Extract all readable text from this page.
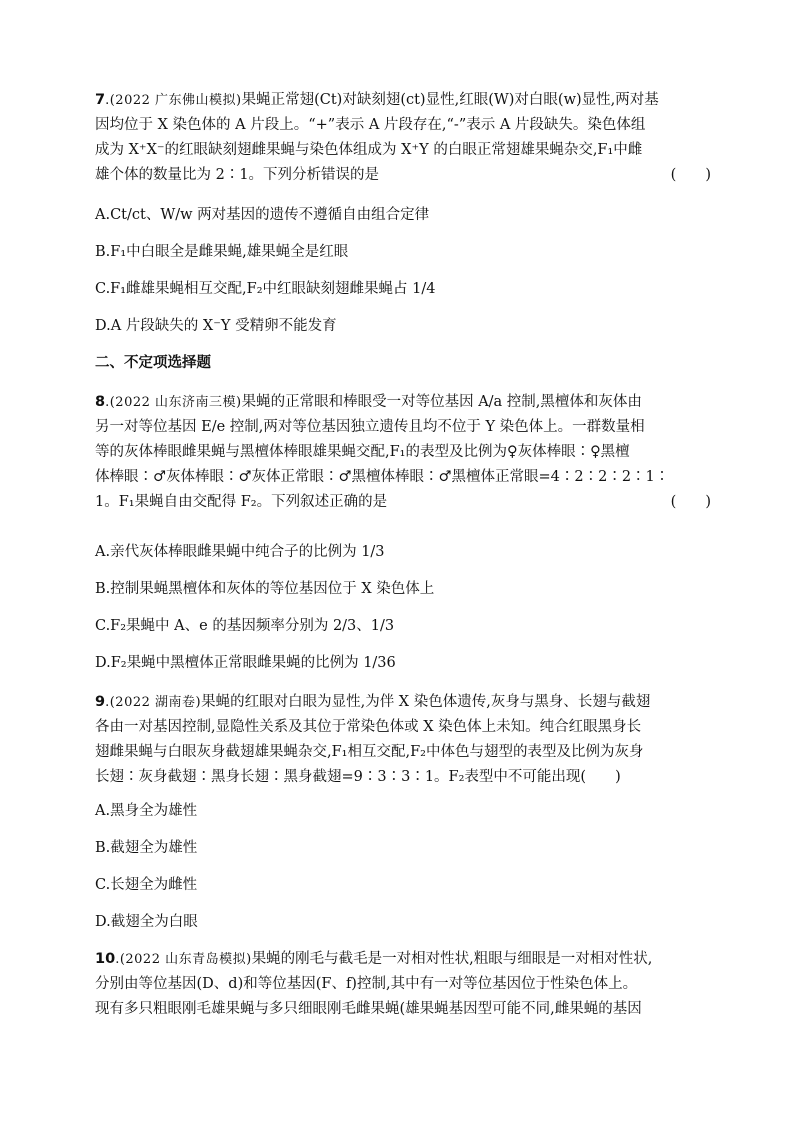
7.(2022 广东佛山模拟)果蝇正常翅(Ct)对缺刻翅(ct)显性,红眼(W)对白眼(w)显性,两对基
因均位于 X 染色体的 A 片段上。“+”表示 A 片段存在,“-”表示 A 片段缺失。染色体组
成为 X⁺X⁻的红眼缺刻翅雌果蝇与染色体组成为 X⁺Y 的白眼正常翅雄果蝇杂交,F₁中雌
雄个体的数量比为 2∶1。下列分析错误的是	(　　)
A.Ct/ct、W/w 两对基因的遗传不遵循自由组合定律
B.F₁中白眼全是雌果蝇,雄果蝇全是红眼
C.F₁雌雄果蝇相互交配,F₂中红眼缺刻翅雌果蝇占 1/4
D.A 片段缺失的 X⁻Y 受精卵不能发育
二、不定项选择题
8.(2022 山东济南三模)果蝇的正常眼和棒眼受一对等位基因 A/a 控制,黑檀体和灰体由
另一对等位基因 E/e 控制,两对等位基因独立遗传且均不位于 Y 染色体上。一群数量相
等的灰体棒眼雌果蝇与黑檀体棒眼雄果蝇交配,F₁的表型及比例为♀灰体棒眼∶♀黑檀
体棒眼∶♂灰体棒眼∶♂灰体正常眼∶♂黑檀体棒眼∶♂黑檀体正常眼=4∶2∶2∶2∶1∶
1。F₁果蝇自由交配得 F₂。下列叙述正确的是	(　　)
A.亲代灰体棒眼雌果蝇中纯合子的比例为 1/3
B.控制果蝇黑檀体和灰体的等位基因位于 X 染色体上
C.F₂果蝇中 A、e 的基因频率分别为 2/3、1/3
D.F₂果蝇中黑檀体正常眼雌果蝇的比例为 1/36
9.(2022 湖南卷)果蝇的红眼对白眼为显性,为伴 X 染色体遗传,灰身与黑身、长翅与截翅
各由一对基因控制,显隐性关系及其位于常染色体或 X 染色体上未知。纯合红眼黑身长
翅雌果蝇与白眼灰身截翅雄果蝇杂交,F₁相互交配,F₂中体色与翅型的表型及比例为灰身
长翅∶灰身截翅∶黑身长翅∶黑身截翅=9∶3∶3∶1。F₂表型中不可能出现(　　)
A.黑身全为雄性
B.截翅全为雄性
C.长翅全为雌性
D.截翅全为白眼
10.(2022 山东青岛模拟)果蝇的刚毛与截毛是一对相对性状,粗眼与细眼是一对相对性状,
分别由等位基因(D、d)和等位基因(F、f)控制,其中有一对等位基因位于性染色体上。
现有多只粗眼刚毛雄果蝇与多只细眼刚毛雌果蝇(雄果蝇基因型可能不同,雌果蝇的基因
